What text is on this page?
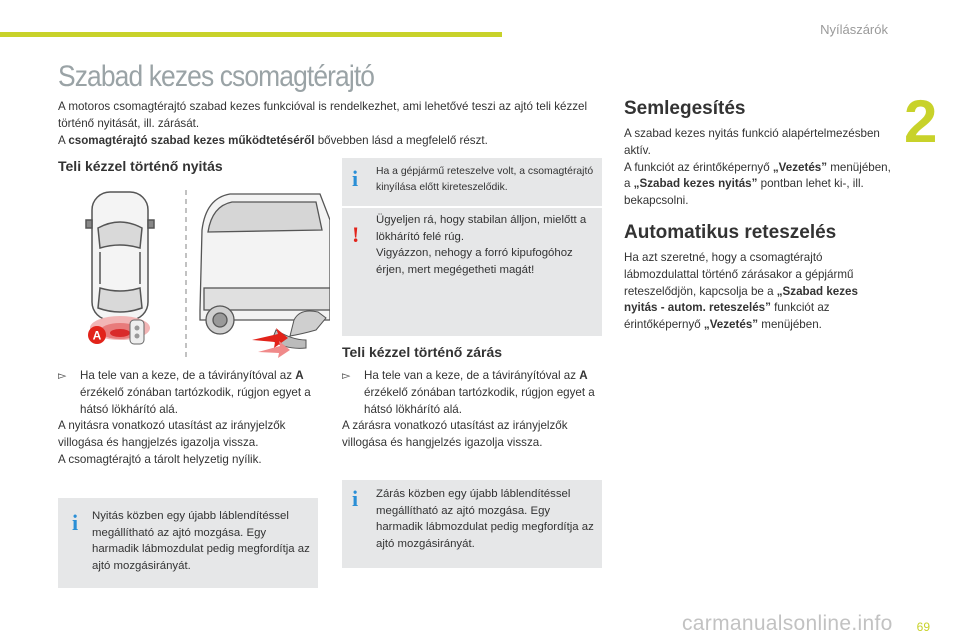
Nyílászárók
2
Szabad kezes csomagtérajtó

A motoros csomagtérajtó szabad kezes funkcióval is rendelkezhet, ami lehetővé teszi az ajtó teli kézzel történő nyitását, ill. zárását.

A csomagtérajtó szabad kezes működtetéséről bővebben lásd a megfelelő részt.

Teli kézzel történő nyitás
A

▻ Ha tele van a keze, de a távirányítóval az A érzékelő zónában tartózkodik, rúgjon egyet a hátsó lökhárító alá.

A nyitásra vonatkozó utasítást az irányjelzők villogása és hangjelzés igazolja vissza.

A csomagtérajtó a tárolt helyzetig nyílik.

i Nyitás közben egy újabb láblendítéssel megállítható az ajtó mozgása. Egy harmadik lábmozdulat pedig megfordítja az ajtó mozgásirányát.
i Ha a gépjármű reteszelve volt, a csomagtérajtó kinyílása előtt kireteszelődik.
!
Ügyeljen rá, hogy stabilan álljon, mielőtt a lökhárító felé rúg.
Vigyázzon, nehogy a forró kipufogóhoz érjen, mert megégetheti magát!
Teli kézzel történő zárás

▻ Ha tele van a keze, de a távirányítóval az A érzékelő zónában tartózkodik, rúgjon egyet a hátsó lökhárító alá.

A zárásra vonatkozó utasítást az irányjelzők villogása és hangjelzés igazolja vissza.

i Zárás közben egy újabb láblendítéssel megállítható az ajtó mozgása. Egy harmadik lábmozdulat pedig megfordítja az ajtó mozgásirányát.
Semlegesítés

A szabad kezes nyitás funkció alapértelmezésben aktív.

A funkciót az érintőképernyő „Vezetés” menüjében, a „Szabad kezes nyitás” pontban lehet ki-, ill. bekapcsolni.

Automatikus reteszelés

Ha azt szeretné, hogy a csomagtérajtó lábmozdulattal történő zárásakor a gépjármű reteszelődjön, kapcsolja be a „Szabad kezes nyitás - autom. reteszelés” funkciót az érintőképernyő „Vezetés” menüjében.

carmanualsonline.info 69
